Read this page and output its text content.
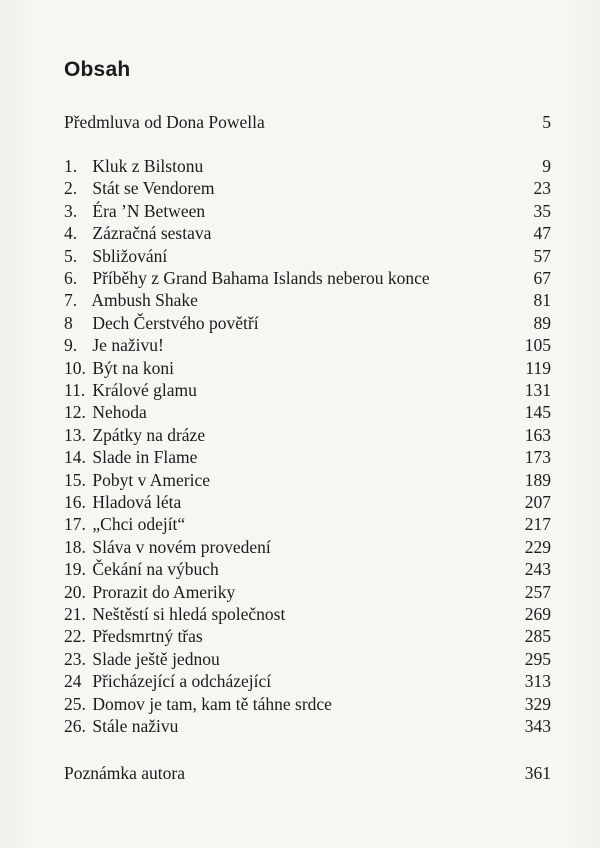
Obsah
Předmluva od Dona Powella	5
1. Kluk z Bilstonu	9
2. Stát se Vendorem	23
3. Éra ’N Between	35
4. Zázračná sestava	47
5. Sbližování	57
6. Příběhy z Grand Bahama Islands neberou konce	67
7. Ambush Shake	81
8 Dech Čerstvého povětří	89
9. Je naživu!	105
10. Být na koni	119
11. Králové glamu	131
12. Nehoda	145
13. Zpátky na dráze	163
14. Slade in Flame	173
15. Pobyt v Americe	189
16. Hladová léta	207
17. „Chci odejít“	217
18. Sláva v novém provedení	229
19. Čekání na výbuch	243
20. Prorazit do Ameriky	257
21. Neštěstí si hledá společnost	269
22. Předsmrtný třas	285
23. Slade ještě jednou	295
24 Přicházející a odcházející	313
25. Domov je tam, kam tě táhne srdce	329
26. Stále naživu	343
Poznámka autora	361
